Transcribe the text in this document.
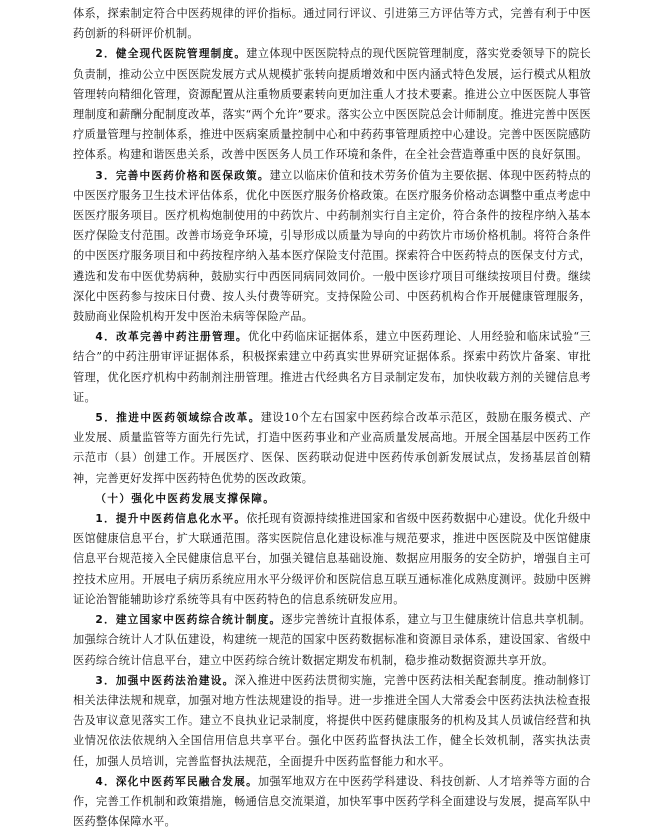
体系，探索制定符合中医药规律的评价指标。通过同行评议、引进第三方评估等方式，完善有利于中医药创新的科研评价机制。

2．健全现代医院管理制度。建立体现中医医院特点的现代医院管理制度，落实党委领导下的院长负责制，推动公立中医医院发展方式从规模扩张转向提质增效和中医内涵式特色发展，运行模式从粗放管理转向精细化管理，资源配置从注重物质要素转向更加注重人才技术要素。推进公立中医医院人事管理制度和薪酬分配制度改革，落实“两个允许”要求。落实公立中医医院总会计师制度。推进完善中医医疗质量管理与控制体系，推进中医病案质量控制中心和中药药事管理质控中心建设。完善中医医院感防控体系。构建和谐医患关系，改善中医医务人员工作环境和条件，在全社会营造尊重中医的良好氛围。

3．完善中医药价格和医保政策。建立以临床价值和技术劳务价值为主要依据、体现中医药特点的中医医疗服务卫生技术评估体系，优化中医医疗服务价格政策。在医疗服务价格动态调整中重点考虑中医医疗服务项目。医疗机构炮制使用的中药饮片、中药制剂实行自主定价，符合条件的按程序纳入基本医疗保险支付范围。改善市场竞争环境，引导形成以质量为导向的中药饮片市场价格机制。将符合条件的中医医疗服务项目和中药按程序纳入基本医疗保险支付范围。探索符合中医药特点的医保支付方式，遴选和发布中医优势病种，鼓励实行中西医同病同效同价。一般中医诊疗项目可继续按项目付费。继续深化中医药参与按床日付费、按人头付费等研究。支持保险公司、中医药机构合作开展健康管理服务，鼓励商业保险机构开发中医治未病等保险产品。

4．改革完善中药注册管理。优化中药临床证据体系，建立中医药理论、人用经验和临床试验“三结合”的中药注册审评证据体系，积极探索建立中药真实世界研究证据体系。探索中药饮片备案、审批管理，优化医疗机构中药制剂注册管理。推进古代经典名方目录制定发布，加快收载方剂的关键信息考证。

5．推进中医药领域综合改革。建设10个左右国家中医药综合改革示范区，鼓励在服务模式、产业发展、质量监管等方面先行先试，打造中医药事业和产业高质量发展高地。开展全国基层中医药工作示范市（县）创建工作。开展医疗、医保、医药联动促进中医药传承创新发展试点，发扬基层首创精神，完善更好发挥中医药特色优势的医改政策。

（十）强化中医药发展支撑保障。

1．提升中医药信息化水平。依托现有资源持续推进国家和省级中医药数据中心建设。优化升级中医馆健康信息平台，扩大联通范围。落实医院信息化建设标准与规范要求，推进中医医院及中医馆健康信息平台规范接入全民健康信息平台，加强关键信息基础设施、数据应用服务的安全防护，增强自主可控技术应用。开展电子病历系统应用水平分级评价和医院信息互联互通标准化成熟度测评。鼓励中医辨证论治智能辅助诊疗系统等具有中医药特色的信息系统研发应用。

2．建立国家中医药综合统计制度。逐步完善统计直报体系，建立与卫生健康统计信息共享机制。加强综合统计人才队伍建设，构建统一规范的国家中医药数据标准和资源目录体系，建设国家、省级中医药综合统计信息平台，建立中医药综合统计数据定期发布机制，稳步推动数据资源共享开放。

3．加强中医药法治建设。深入推进中医药法贯彻实施，完善中医药法相关配套制度。推动制修订相关法律法规和规章，加强对地方性法规建设的指导。进一步推进全国人大常委会中医药法执法检查报告及审议意见落实工作。建立不良执业记录制度，将提供中医药健康服务的机构及其人员诚信经营和执业情况依法依规纳入全国信用信息共享平台。强化中医药监督执法工作，健全长效机制，落实执法责任，加强人员培训，完善监督执法规范，全面提升中医药监督能力和水平。

4．深化中医药军民融合发展。加强军地双方在中医药学科建设、科技创新、人才培养等方面的合作，完善工作机制和政策措施，畅通信息交流渠道，加快军事中医药学科全面建设与发展，提高军队中医药整体保障水平。
